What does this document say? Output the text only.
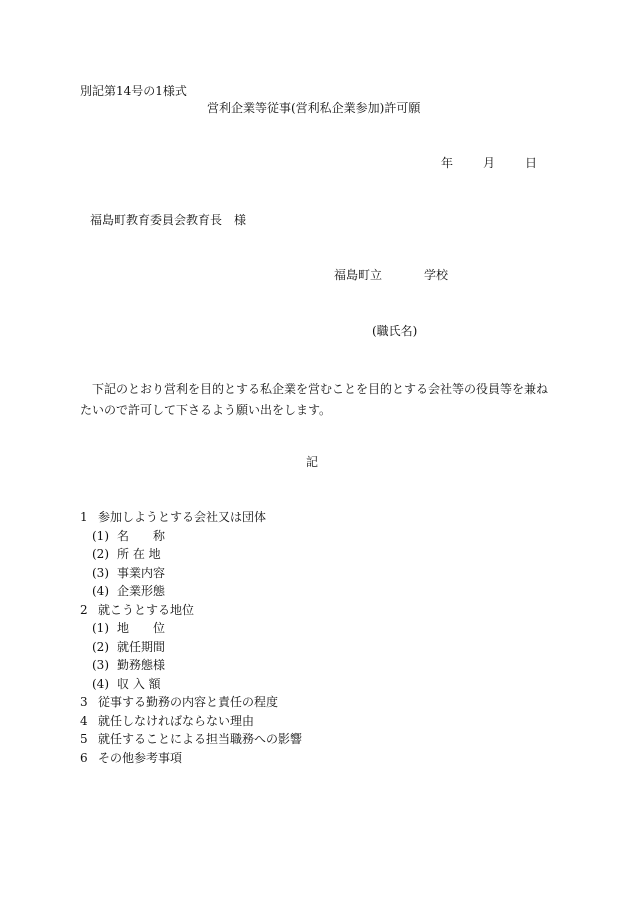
別記第14号の1様式
営利企業等従事(営利私企業参加)許可願
年	月	日
福島町教育委員会教育長　様
福島町立	学校
(職氏名)
下記のとおり営利を目的とする私企業を営むことを目的とする会社等の役員等を兼ねたいので許可して下さるよう願い出をします。
記
1 参加しようとする会社又は団体
(1) 名　　称
(2) 所 在 地
(3) 事業内容
(4) 企業形態
2 就こうとする地位
(1) 地　　位
(2) 就任期間
(3) 勤務態様
(4) 収 入 額
3 従事する勤務の内容と責任の程度
4 就任しなければならない理由
5 就任することによる担当職務への影響
6 その他参考事項
